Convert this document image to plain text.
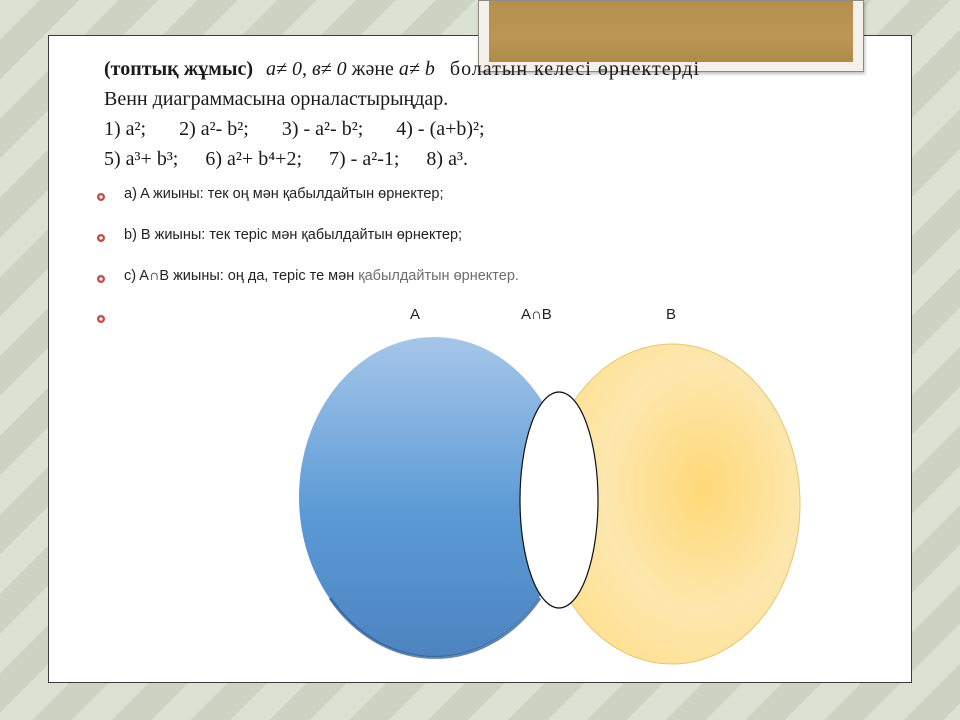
(топтық жұмыс) a≠ 0, в≠ 0 және a≠ b болатын келесі өрнектерді
Венн диаграммасына орналастырыңдар.
1) a²; 2) a²- b²; 3) - a²- b²; 4) - (a+b)²;
5) a³+ b³; 6) a²+ b⁴+2; 7) - a²-1; 8) a³.
a) A жиыны: тек оң мән қабылдайтын өрнектер;
b) B жиыны: тек теріс мән қабылдайтын өрнектер;
c) A∩B жиыны: оң да, теріс те мән қабылдайтын өрнектер.
A	A∩B	B
